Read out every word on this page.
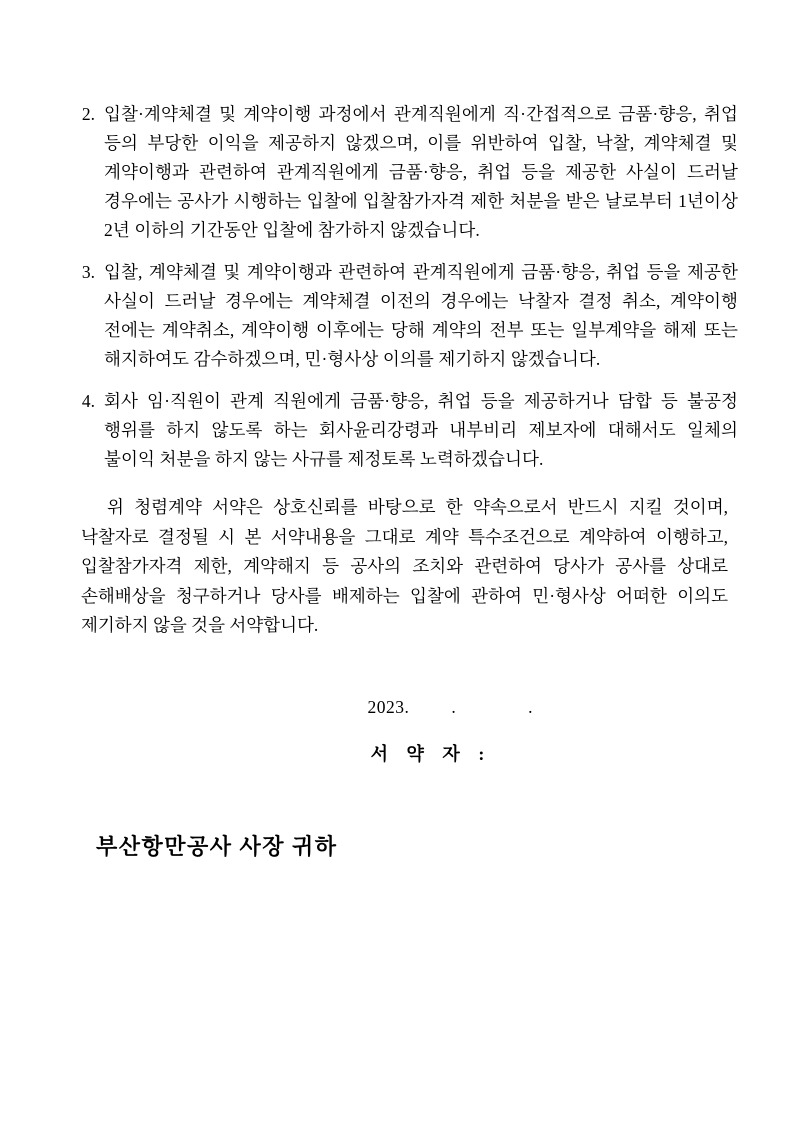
2. 입찰·계약체결 및 계약이행 과정에서 관계직원에게 직·간접적으로 금품·향응, 취업 등의 부당한 이익을 제공하지 않겠으며, 이를 위반하여 입찰, 낙찰, 계약체결 및 계약이행과 관련하여 관계직원에게 금품·향응, 취업 등을 제공한 사실이 드러날 경우에는 공사가 시행하는 입찰에 입찰참가자격 제한 처분을 받은 날로부터 1년이상 2년 이하의 기간동안 입찰에 참가하지 않겠습니다.
3. 입찰, 계약체결 및 계약이행과 관련하여 관계직원에게 금품·향응, 취업 등을 제공한 사실이 드러날 경우에는 계약체결 이전의 경우에는 낙찰자 결정 취소, 계약이행 전에는 계약취소, 계약이행 이후에는 당해 계약의 전부 또는 일부계약을 해제 또는 해지하여도 감수하겠으며, 민·형사상 이의를 제기하지 않겠습니다.
4. 회사 임·직원이 관계 직원에게 금품·향응, 취업 등을 제공하거나 담합 등 불공정 행위를 하지 않도록 하는 회사윤리강령과 내부비리 제보자에 대해서도 일체의 불이익 처분을 하지 않는 사규를 제정토록 노력하겠습니다.
위 청렴계약 서약은 상호신뢰를 바탕으로 한 약속으로서 반드시 지킬 것이며, 낙찰자로 결정될 시 본 서약내용을 그대로 계약 특수조건으로 계약하여 이행하고, 입찰참가자격 제한, 계약해지 등 공사의 조치와 관련하여 당사가 공사를 상대로 손해배상을 청구하거나 당사를 배제하는 입찰에 관하여 민·형사상 어떠한 이의도 제기하지 않을 것을 서약합니다.
2023. . .
서 약 자 :
부산항만공사 사장 귀하
